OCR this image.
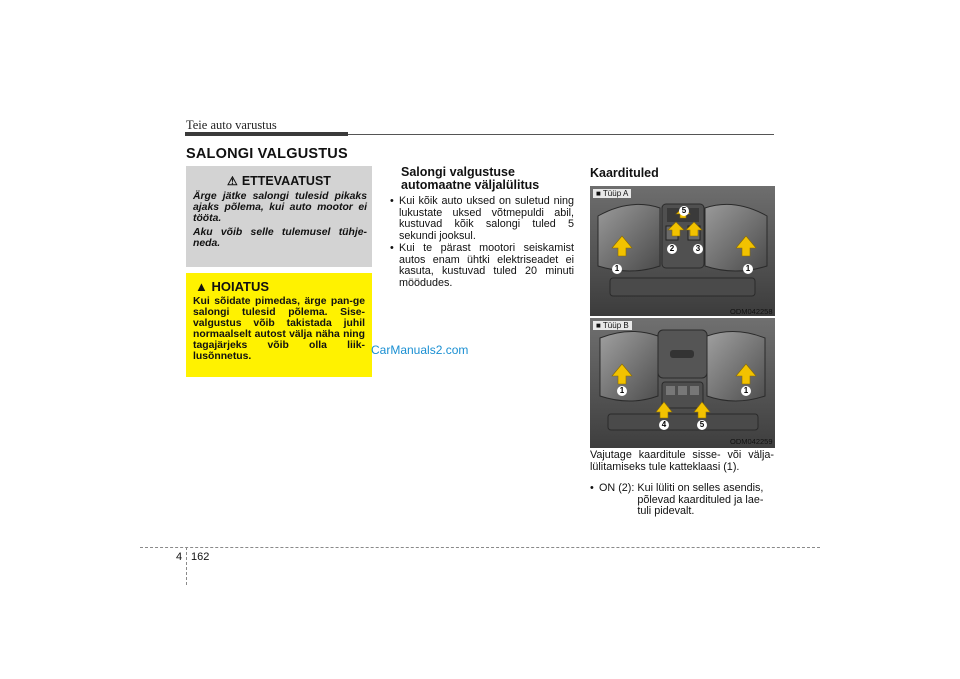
Teie auto varustus
SALONGI VALGUSTUS
⚠ ETTEVAATUST

Ärge jätke salongi tulesid pikaks ajaks põlema, kui auto mootor ei tööta.

Aku võib selle tulemusel tühje-neda.

▲ HOIATUS
Kui sõidate pimedas, ärge pan-ge salongi tulesid põlema. Sise-valgustus võib takistada juhil normaalselt autost välja näha ning tagajärjeks võib olla liik-lusõnnetus.	CarManuals2.com
Salongi valgustuse automaatne väljalülitus
• Kui kõik auto uksed on suletud ning lukustate uksed võtmepuldi abil, kustuvad kõik salongi tuled 5 sekundi jooksul.
• Kui te pärast mootori seiskamist autos enam ühtki elektriseadet ei kasuta, kustuvad tuled 20 minuti möödudes.
Kaardituled
■ Tüüp A
1
2	3
5
1
ODM042258
■ Tüüp B
1
4	5
1
ODM042259
Vajutage kaarditule sisse- või välja-lülitamiseks tule katteklaasi (1).
• ON (2): Kui lüliti on selles asendis, põlevad kaardituled ja lae-tuli pidevalt.
4 162
